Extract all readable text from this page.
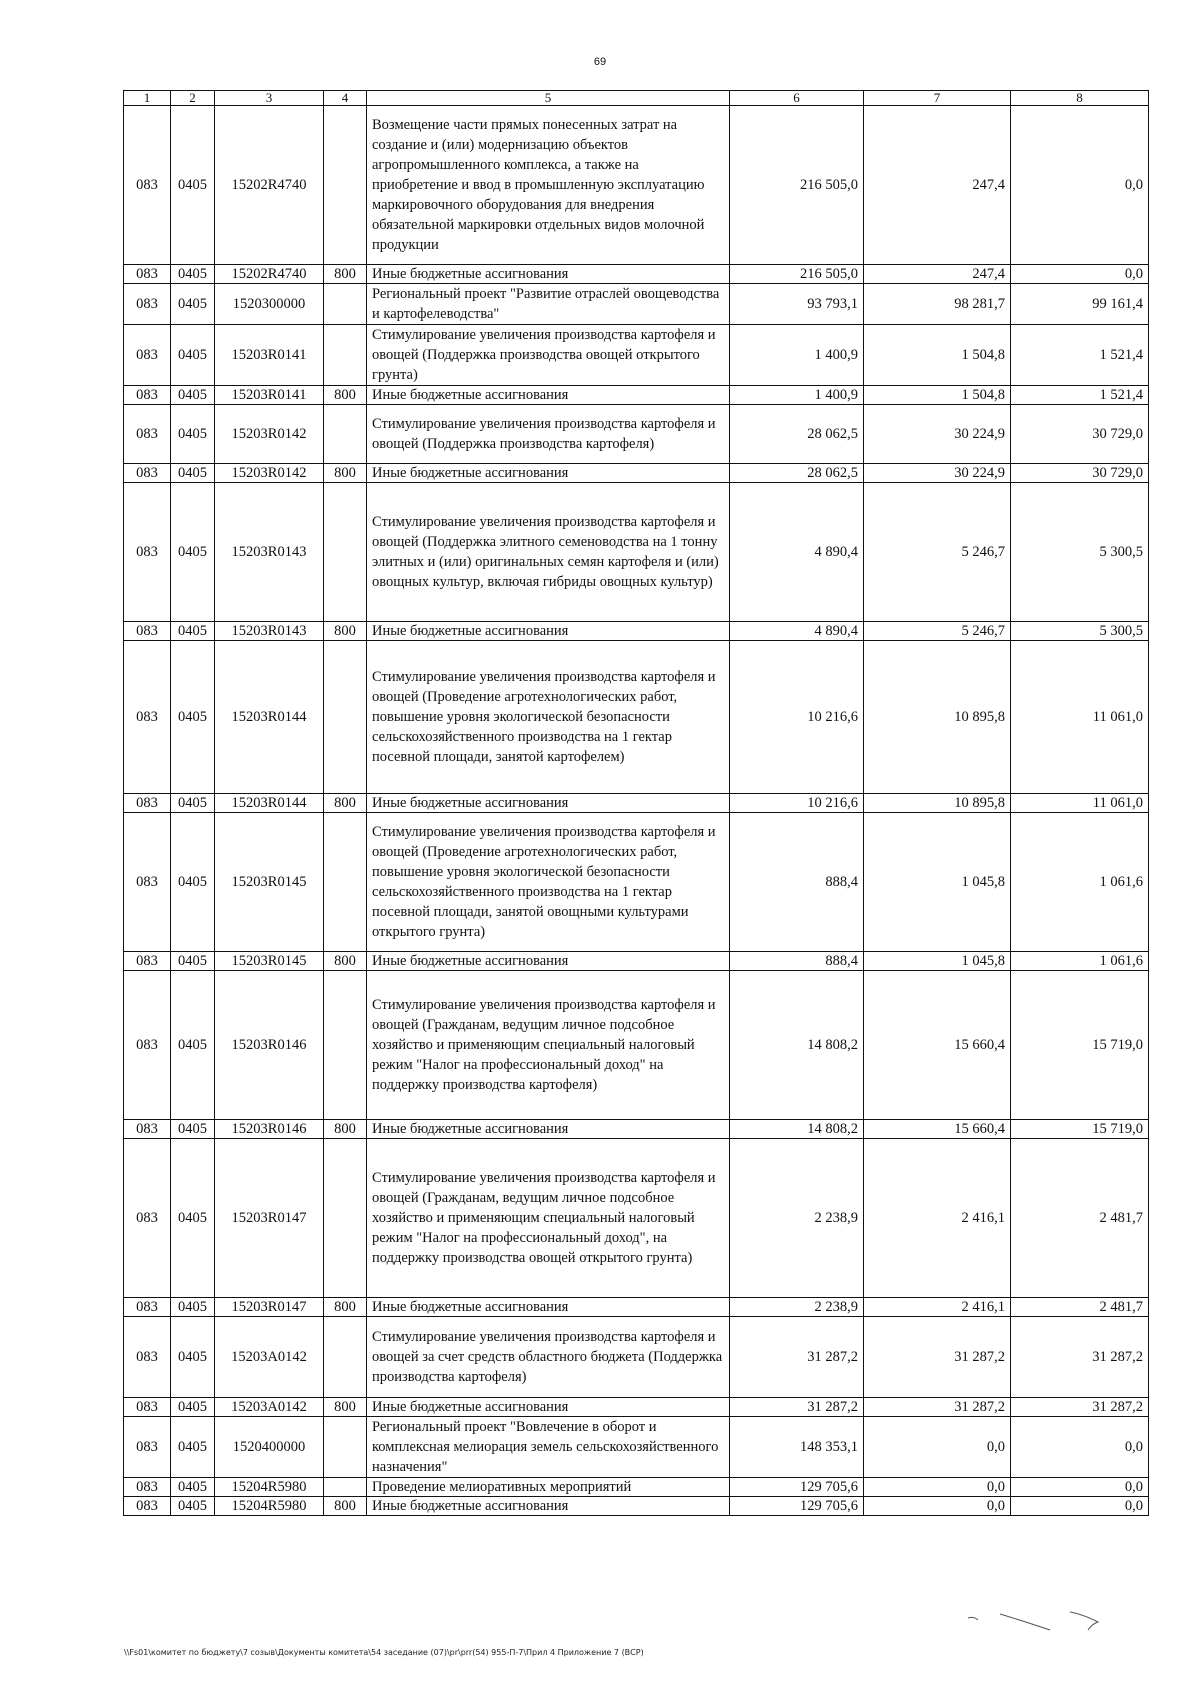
69
1	2	3	4	5	6	7	8
083	0405	15202R4740		Возмещение части прямых понесенных затрат на создание и (или) модернизацию объектов агропромышленного комплекса, а также на приобретение и ввод в промышленную эксплуатацию маркировочного оборудования для внедрения обязательной маркировки отдельных видов молочной продукции	216 505,0	247,4	0,0
083	0405	15202R4740	800	Иные бюджетные ассигнования	216 505,0	247,4	0,0
083	0405	1520300000		Региональный проект "Развитие отраслей овощеводства и картофелеводства"	93 793,1	98 281,7	99 161,4
083	0405	15203R0141		Стимулирование увеличения производства картофеля и овощей (Поддержка производства овощей открытого грунта)	1 400,9	1 504,8	1 521,4
083	0405	15203R0141	800	Иные бюджетные ассигнования	1 400,9	1 504,8	1 521,4
083	0405	15203R0142		Стимулирование увеличения производства картофеля и овощей (Поддержка производства картофеля)	28 062,5	30 224,9	30 729,0
083	0405	15203R0142	800	Иные бюджетные ассигнования	28 062,5	30 224,9	30 729,0
083	0405	15203R0143		Стимулирование увеличения производства картофеля и овощей (Поддержка элитного семеноводства на 1 тонну элитных и (или) оригинальных семян картофеля и (или) овощных культур, включая гибриды овощных культур)	4 890,4	5 246,7	5 300,5
083	0405	15203R0143	800	Иные бюджетные ассигнования	4 890,4	5 246,7	5 300,5
083	0405	15203R0144		Стимулирование увеличения производства картофеля и овощей (Проведение агротехнологических работ, повышение уровня экологической безопасности сельскохозяйственного производства на 1 гектар посевной площади, занятой картофелем)	10 216,6	10 895,8	11 061,0
083	0405	15203R0144	800	Иные бюджетные ассигнования	10 216,6	10 895,8	11 061,0
083	0405	15203R0145		Стимулирование увеличения производства картофеля и овощей (Проведение агротехнологических работ, повышение уровня экологической безопасности сельскохозяйственного производства на 1 гектар посевной площади, занятой овощными культурами открытого грунта)	888,4	1 045,8	1 061,6
083	0405	15203R0145	800	Иные бюджетные ассигнования	888,4	1 045,8	1 061,6
083	0405	15203R0146		Стимулирование увеличения производства картофеля и овощей (Гражданам, ведущим личное подсобное хозяйство и применяющим специальный налоговый режим "Налог на профессиональный доход" на поддержку производства картофеля)	14 808,2	15 660,4	15 719,0
083	0405	15203R0146	800	Иные бюджетные ассигнования	14 808,2	15 660,4	15 719,0
083	0405	15203R0147		Стимулирование увеличения производства картофеля и овощей (Гражданам, ведущим личное подсобное хозяйство и применяющим специальный налоговый режим "Налог на профессиональный доход", на поддержку производства овощей открытого грунта)	2 238,9	2 416,1	2 481,7
083	0405	15203R0147	800	Иные бюджетные ассигнования	2 238,9	2 416,1	2 481,7
083	0405	15203A0142		Стимулирование увеличения производства картофеля и овощей за счет средств областного бюджета (Поддержка производства картофеля)	31 287,2	31 287,2	31 287,2
083	0405	15203A0142	800	Иные бюджетные ассигнования	31 287,2	31 287,2	31 287,2
083	0405	1520400000		Региональный проект "Вовлечение в оборот и комплексная мелиорация земель сельскохозяйственного назначения"	148 353,1	0,0	0,0
083	0405	15204R5980		Проведение мелиоративных мероприятий	129 705,6	0,0	0,0
083	0405	15204R5980	800	Иные бюджетные ассигнования	129 705,6	0,0	0,0
\\Fs01\комитет по бюджету\7 созыв\Документы комитета\54 заседание (07)\pr\prr(54) 955-П-7\Прил 4 Приложение 7 (ВСР)
